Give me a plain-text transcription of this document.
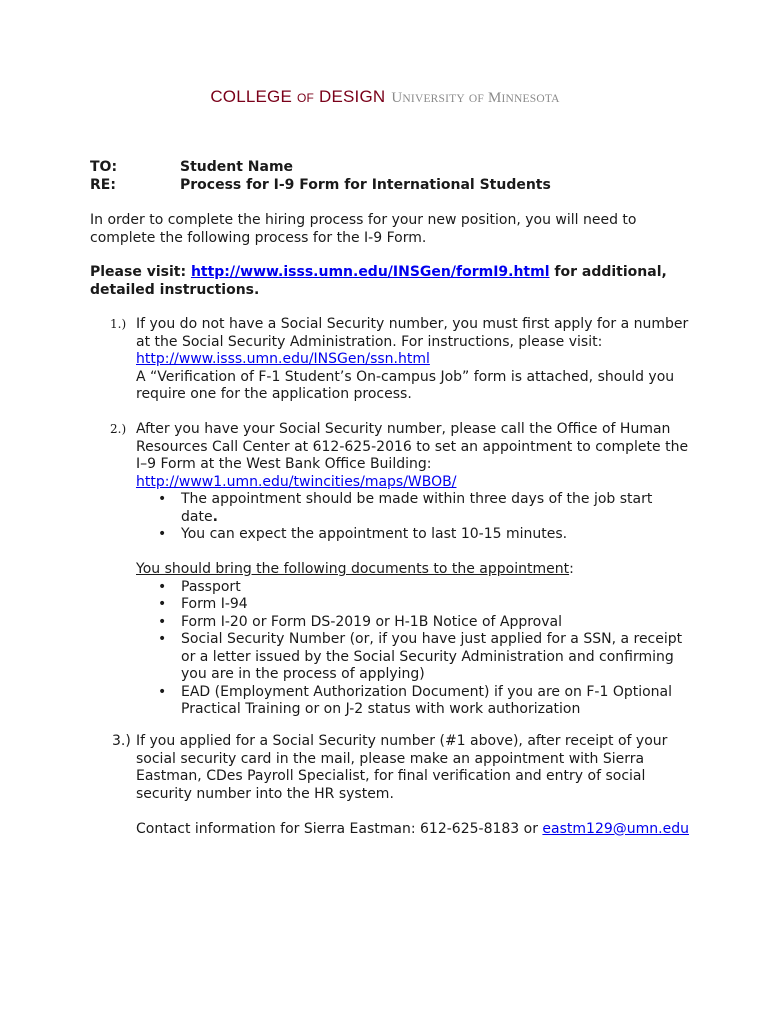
COLLEGE OF DESIGN UNIVERSITY OF MINNESOTA
TO:	Student Name
RE:	Process for I-9 Form for International Students
In order to complete the hiring process for your new position, you will need to complete the following process for the I-9 Form.
Please visit: http://www.isss.umn.edu/INSGen/formI9.html for additional, detailed instructions.
1.) If you do not have a Social Security number, you must first apply for a number at the Social Security Administration. For instructions, please visit: http://www.isss.umn.edu/INSGen/ssn.html
A “Verification of F-1 Student’s On-campus Job” form is attached, should you require one for the application process.
2.) After you have your Social Security number, please call the Office of Human Resources Call Center at 612-625-2016 to set an appointment to complete the I–9 Form at the West Bank Office Building: http://www1.umn.edu/twincities/maps/WBOB/
• The appointment should be made within three days of the job start date.
• You can expect the appointment to last 10-15 minutes.
You should bring the following documents to the appointment:
• Passport
• Form I-94
• Form I-20 or Form DS-2019 or H-1B Notice of Approval
• Social Security Number (or, if you have just applied for a SSN, a receipt or a letter issued by the Social Security Administration and confirming you are in the process of applying)
• EAD (Employment Authorization Document) if you are on F-1 Optional Practical Training or on J-2 status with work authorization
3.) If you applied for a Social Security number (#1 above), after receipt of your social security card in the mail, please make an appointment with Sierra Eastman, CDes Payroll Specialist, for final verification and entry of social security number into the HR system.
Contact information for Sierra Eastman: 612-625-8183 or eastm129@umn.edu
